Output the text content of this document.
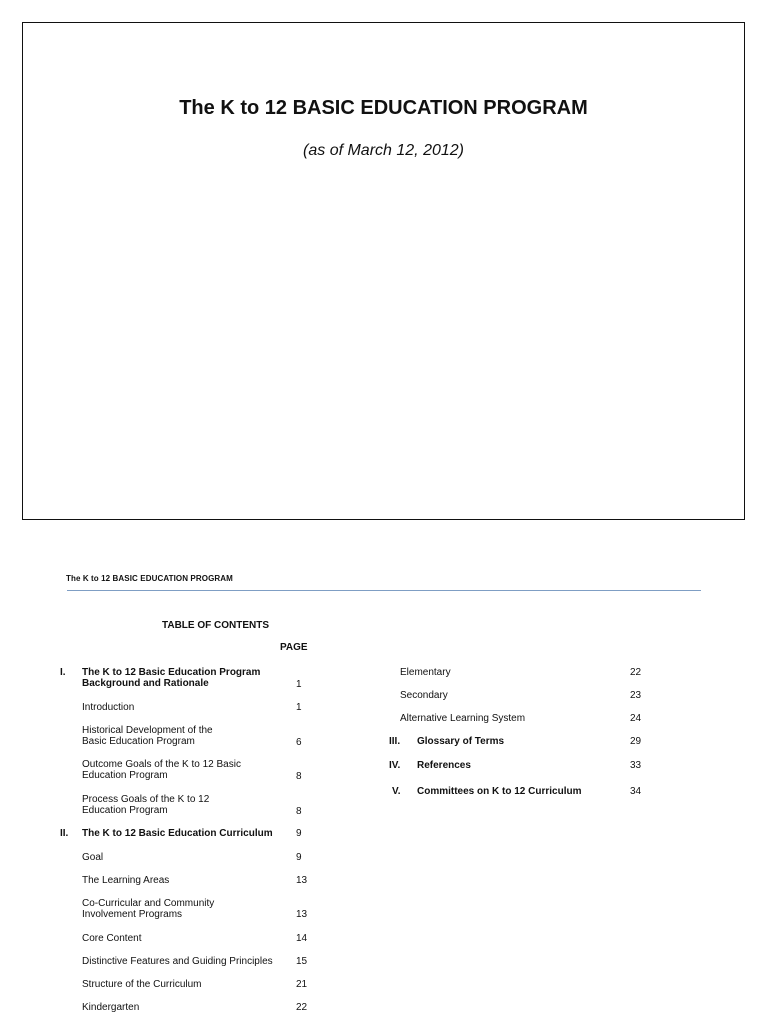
The K to 12 BASIC EDUCATION PROGRAM
(as of March 12, 2012)
The K to 12 BASIC EDUCATION PROGRAM
TABLE OF CONTENTS
PAGE
I. The K to 12 Basic Education Program
Background and Rationale	1
Introduction	1
Historical Development of the
Basic Education Program	6
Outcome Goals of the K to 12 Basic
Education Program	8
Process Goals of the K to 12
Education Program	8
II. The K to 12 Basic Education Curriculum 9
Goal	9
The Learning Areas	13
Co-Curricular and Community
Involvement Programs	13
Core Content	14
Distinctive Features and Guiding Principles 15
Structure of the Curriculum	21
Kindergarten	22
Elementary	22
Secondary	23
Alternative Learning System	24
III. Glossary of Terms	29
IV. References	33
V. Committees on K to 12 Curriculum	34
